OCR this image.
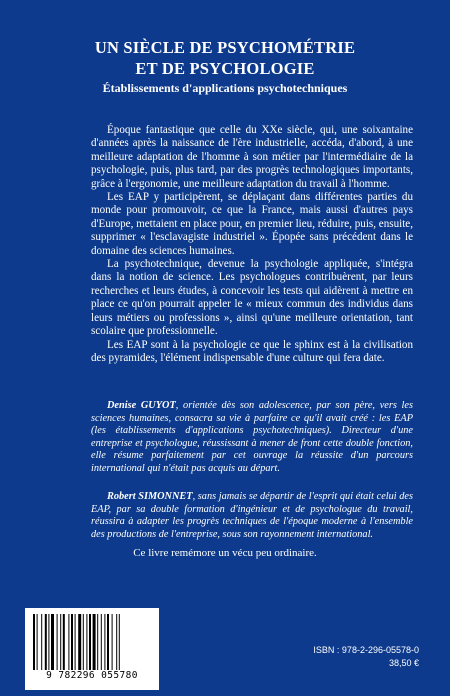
UN SIÈCLE DE PSYCHOMÉTRIE
ET DE PSYCHOLOGIE
Établissements d'applications psychotechniques

Époque fantastique que celle du XXe siècle, qui, une soixantaine d'années après la naissance de l'ère industrielle, accéda, d'abord, à une meilleure adaptation de l'homme à son métier par l'intermédiaire de la psychologie, puis, plus tard, par des progrès technologiques importants, grâce à l'ergonomie, une meilleure adaptation du travail à l'homme.

Les EAP y participèrent, se déplaçant dans différentes parties du monde pour promouvoir, ce que la France, mais aussi d'autres pays d'Europe, mettaient en place pour, en premier lieu, réduire, puis, ensuite, supprimer « l'esclavagiste industriel ». Épopée sans précédent dans le domaine des sciences humaines.

La psychotechnique, devenue la psychologie appliquée, s'intégra dans la notion de science. Les psychologues contribuèrent, par leurs recherches et leurs études, à concevoir les tests qui aidèrent à mettre en place ce qu'on pourrait appeler le « mieux commun des individus dans leurs métiers ou professions », ainsi qu'une meilleure orientation, tant scolaire que professionnelle.

Les EAP sont à la psychologie ce que le sphinx est à la civilisation des pyramides, l'élément indispensable d'une culture qui fera date.

Denise GUYOT, orientée dès son adolescence, par son père, vers les sciences humaines, consacra sa vie à parfaire ce qu'il avait créé : les EAP (les établissements d'applications psychotechniques). Directeur d'une entreprise et psychologue, réussissant à mener de front cette double fonction, elle résume parfaitement par cet ouvrage la réussite d'un parcours international qui n'était pas acquis au départ.

Robert SIMONNET, sans jamais se départir de l'esprit qui était celui des EAP, par sa double formation d'ingénieur et de psychologue du travail, réussira à adapter les progrès techniques de l'époque moderne à l'ensemble des productions de l'entreprise, sous son rayonnement international.

Ce livre remémore un vécu peu ordinaire.
9 782296 055780
ISBN : 978-2-296-05578-0
38,50 €
